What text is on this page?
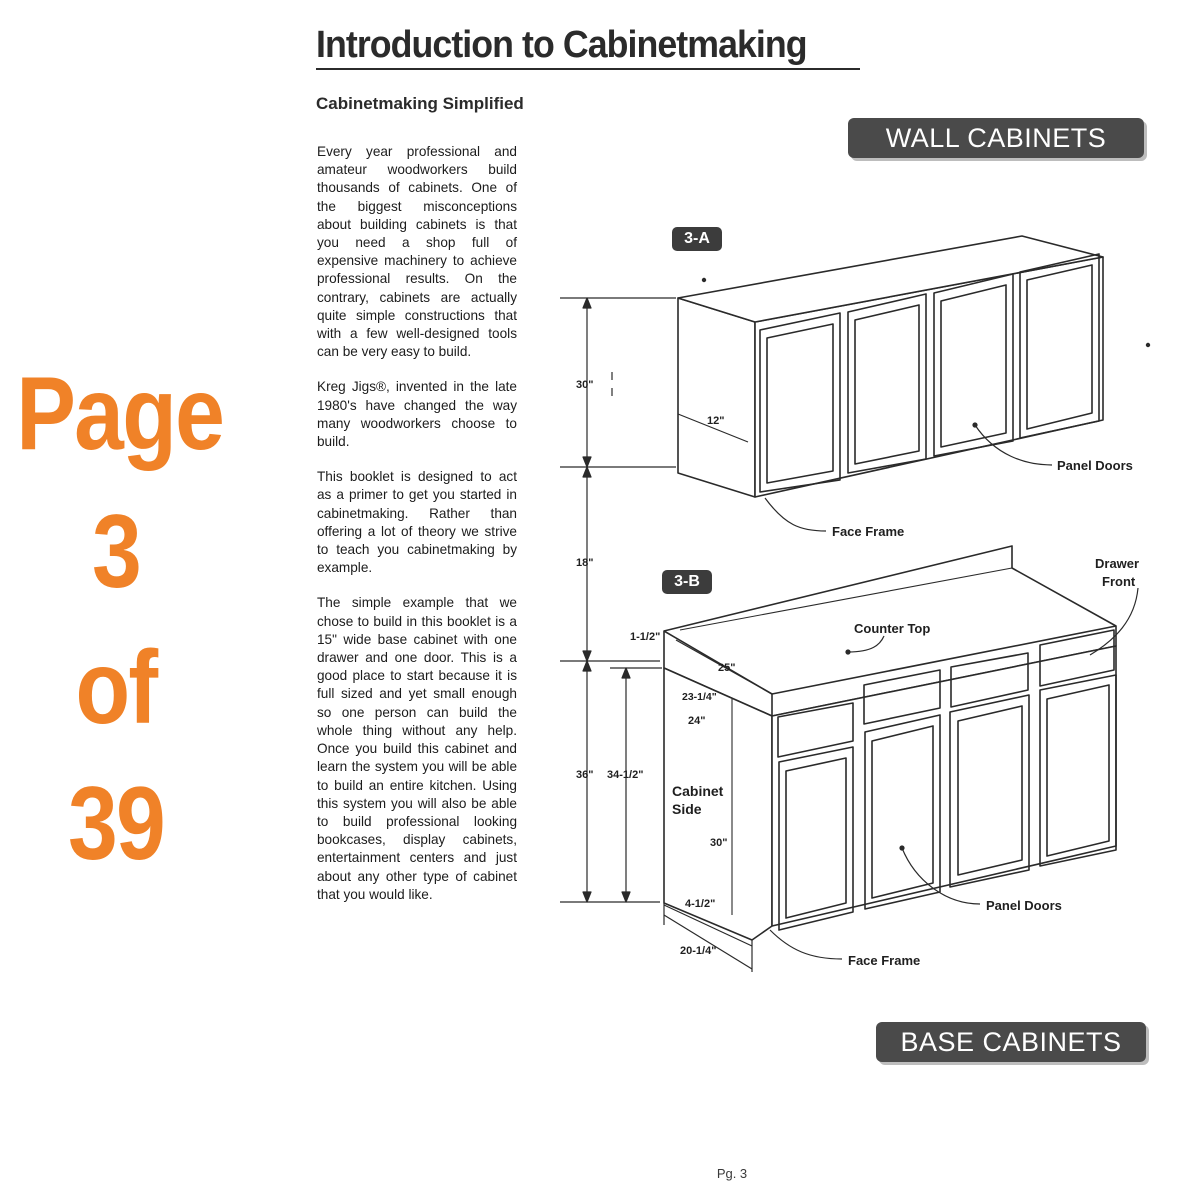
Page
3
of
39
Introduction to Cabinetmaking
Cabinetmaking Simplified

Every year professional and amateur woodworkers build thousands of cabinets. One of the biggest misconceptions about building cabinets is that you need a shop full of expensive machinery to achieve professional results. On the contrary, cabinets are actually quite simple constructions that with a few well-designed tools can be very easy to build.

Kreg Jigs®, invented in the late 1980's have changed the way many woodworkers choose to build.

This booklet is designed to act as a primer to get you started in cabinetmaking. Rather than offering a lot of theory we strive to teach you cabinetmaking by example.

The simple example that we chose to build in this booklet is a 15" wide base cabinet with one drawer and one door. This is a good place to start because it is full sized and yet small enough so one person can build the whole thing without any help. Once you build this cabinet and learn the system you will be able to build an entire kitchen. Using this system you will also be able to build professional looking bookcases, display cabinets, entertainment centers and just about any other type of cabinet that you would like.

WALL CABINETS
BASE CABINETS
3-A
3-B
Panel Doors
Face Frame
Counter Top
Drawer
Front
Cabinet
Side
Panel Doors
Face Frame
30"
12"
18"
36" 34-1/2"
1-1/2"
25"
23-1/4"
24"
30"
4-1/2"
20-1/4"
Pg. 3
